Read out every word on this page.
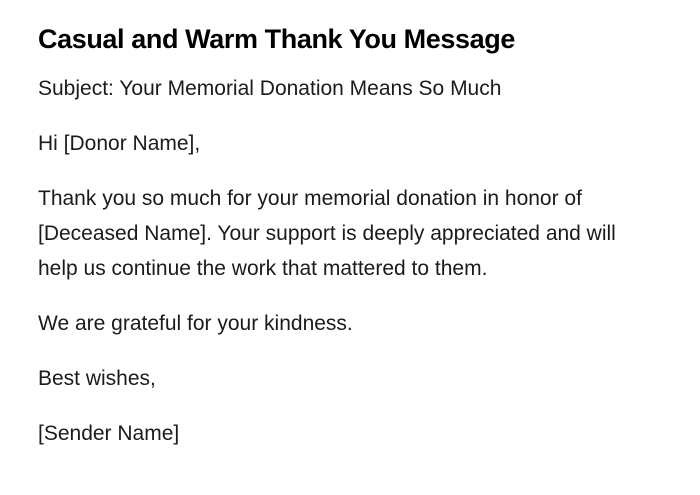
Casual and Warm Thank You Message

Subject: Your Memorial Donation Means So Much

Hi [Donor Name],

Thank you so much for your memorial donation in honor of
[Deceased Name]. Your support is deeply appreciated and will
help us continue the work that mattered to them.

We are grateful for your kindness.

Best wishes,

[Sender Name]
